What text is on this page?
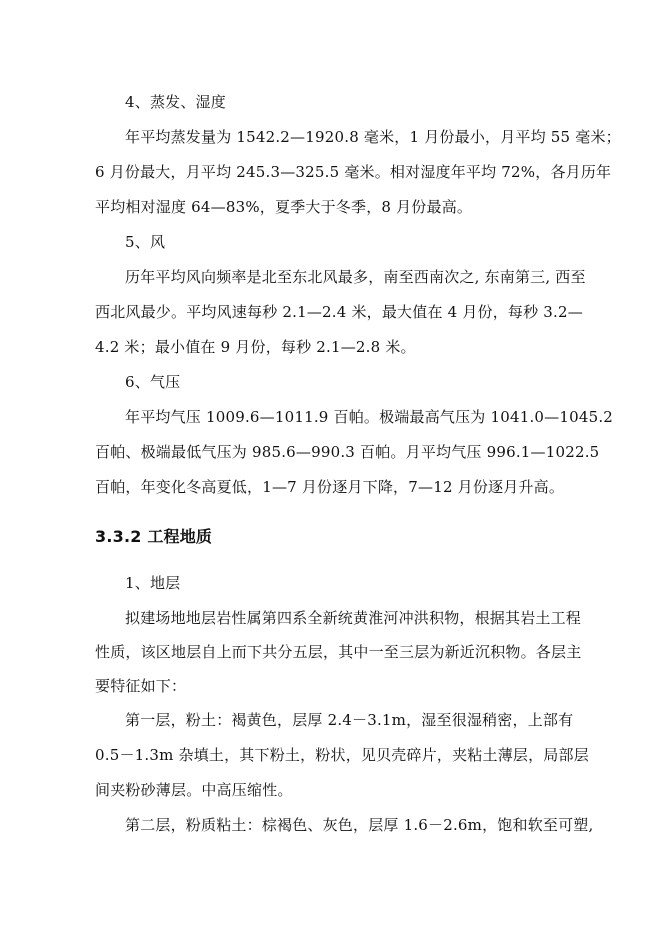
4、蒸发、湿度
年平均蒸发量为 1542.2—1920.8 毫米，1 月份最小，月平均 55 毫米；
6 月份最大，月平均 245.3—325.5 毫米。相对湿度年平均 72%，各月历年
平均相对湿度 64—83%，夏季大于冬季，8 月份最高。
5、风
历年平均风向频率是北至东北风最多，南至西南次之, 东南第三, 西至
西北风最少。平均风速每秒 2.1—2.4 米，最大值在 4 月份，每秒 3.2—
4.2 米；最小值在 9 月份，每秒 2.1—2.8 米。
6、气压
年平均气压 1009.6—1011.9 百帕。极端最高气压为 1041.0—1045.2
百帕、极端最低气压为 985.6—990.3 百帕。月平均气压 996.1—1022.5
百帕，年变化冬高夏低，1—7 月份逐月下降，7—12 月份逐月升高。
3.3.2 工程地质
1、地层
拟建场地地层岩性属第四系全新统黄淮河冲洪积物，根据其岩土工程
性质，该区地层自上而下共分五层，其中一至三层为新近沉积物。各层主
要特征如下：
第一层，粉土：褐黄色，层厚 2.4－3.1m，湿至很湿稍密，上部有
0.5－1.3m 杂填土，其下粉土，粉状，见贝壳碎片，夹粘土薄层，局部层
间夹粉砂薄层。中高压缩性。
第二层，粉质粘土：棕褐色、灰色，层厚 1.6－2.6m，饱和软至可塑,
